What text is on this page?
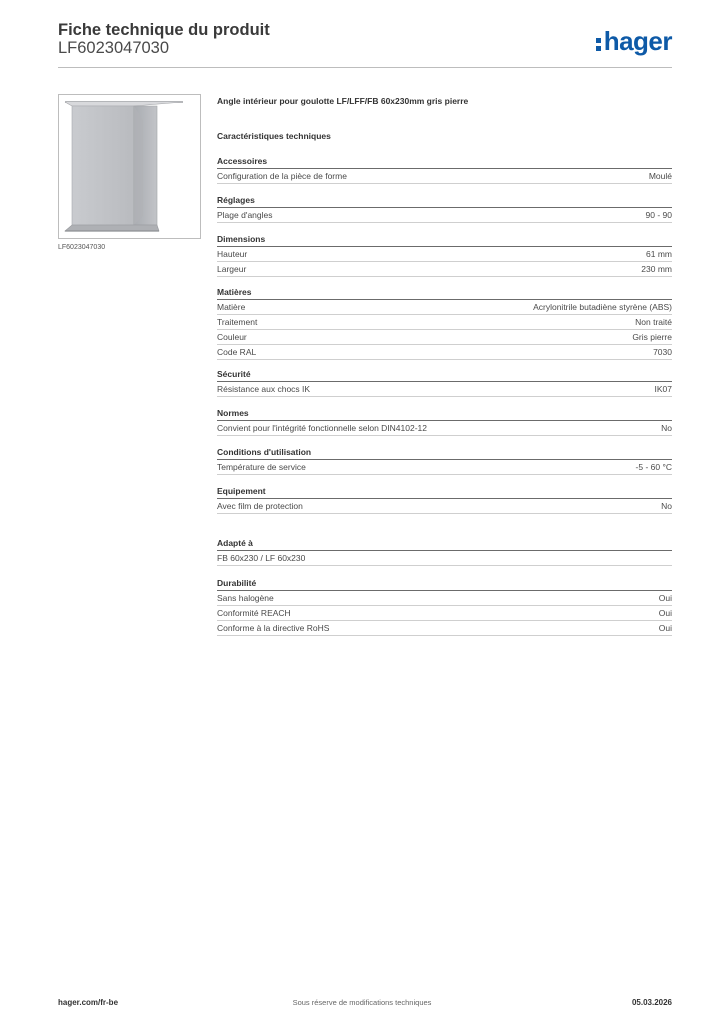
Fiche technique du produit
LF6023047030	hager
LF6023047030
Angle intérieur pour goulotte LF/LFF/FB 60x230mm gris pierre
Caractéristiques techniques
Accessoires
Configuration de la pièce de forme	Moulé
Réglages
Plage d'angles	90 - 90
Dimensions
Hauteur	61 mm
Largeur	230 mm
Matières
Matière	Acrylonitrile butadiène styrène (ABS)
Traitement	Non traité
Couleur	Gris pierre
Code RAL	7030
Sécurité
Résistance aux chocs IK	IK07
Normes
Convient pour l'intégrité fonctionnelle selon DIN4102-12	No
Conditions d'utilisation
Température de service	-5 - 60 °C
Equipement
Avec film de protection	No
Adapté à
FB 60x230 / LF 60x230
Durabilité
Sans halogène	Oui
Conformité REACH	Oui
Conforme à la directive RoHS	Oui
hager.com/fr-be	Sous réserve de modifications techniques	05.03.2026
